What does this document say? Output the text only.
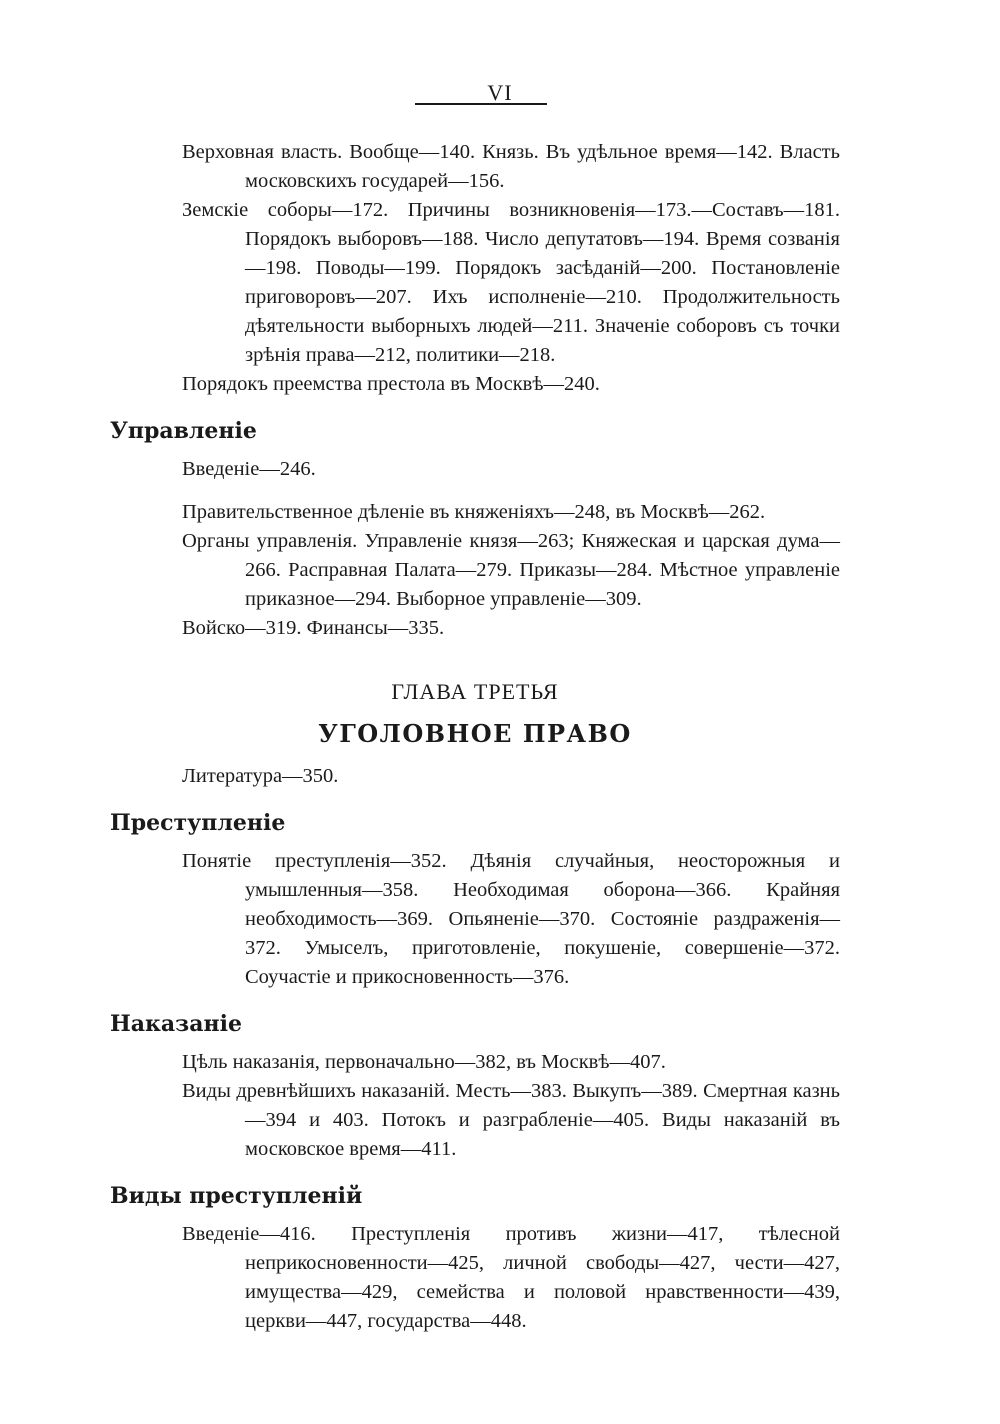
VI
Верховная власть. Вообще—140. Князь. Въ удѣльное время—142. Власть московскихъ государей—156.
Земскіе соборы—172. Причины возникновенія—173.—Составъ—181. Порядокъ выборовъ—188. Число депутатовъ—194. Время созванія—198. Поводы—199. Порядокъ засѣданій—200. Постановленіе приговоровъ—207. Ихъ исполненіе—210. Продолжительность дѣятельности выборныхъ людей—211. Значеніе соборовъ съ точки зрѣнія права—212, политики—218.
Порядокъ преемства престола въ Москвѣ—240.
Управленіе
Введеніе—246.
Правительственное дѣленіе въ княженіяхъ—248, въ Москвѣ—262.
Органы управленія. Управленіе князя—263; Княжеская и царская дума—266. Расправная Палата—279. Приказы—284. Мѣстное управленіе приказное—294. Выборное управленіе—309.
Войско—319. Финансы—335.
ГЛАВА ТРЕТЬЯ
УГОЛОВНОЕ ПРАВО
Литература—350.
Преступленіе
Понятіе преступленія—352. Дѣянія случайныя, неосторожныя и умышленныя—358. Необходимая оборона—366. Крайняя необходимость—369. Опьяненіе—370. Состояніе раздраженія—372. Умыселъ, приготовленіе, покушеніе, совершеніе—372. Соучастіе и прикосновенность—376.
Наказаніе
Цѣль наказанія, первоначально—382, въ Москвѣ—407.
Виды древнѣйшихъ наказаній. Месть—383. Выкупъ—389. Смертная казнь—394 и 403. Потокъ и разграбленіе—405. Виды наказаній въ московское время—411.
Виды преступленій
Введеніе—416. Преступленія противъ жизни—417, тѣлесной неприкосновенности—425, личной свободы—427, чести—427, имущества—429, семейства и половой нравственности—439, церкви—447, государства—448.
